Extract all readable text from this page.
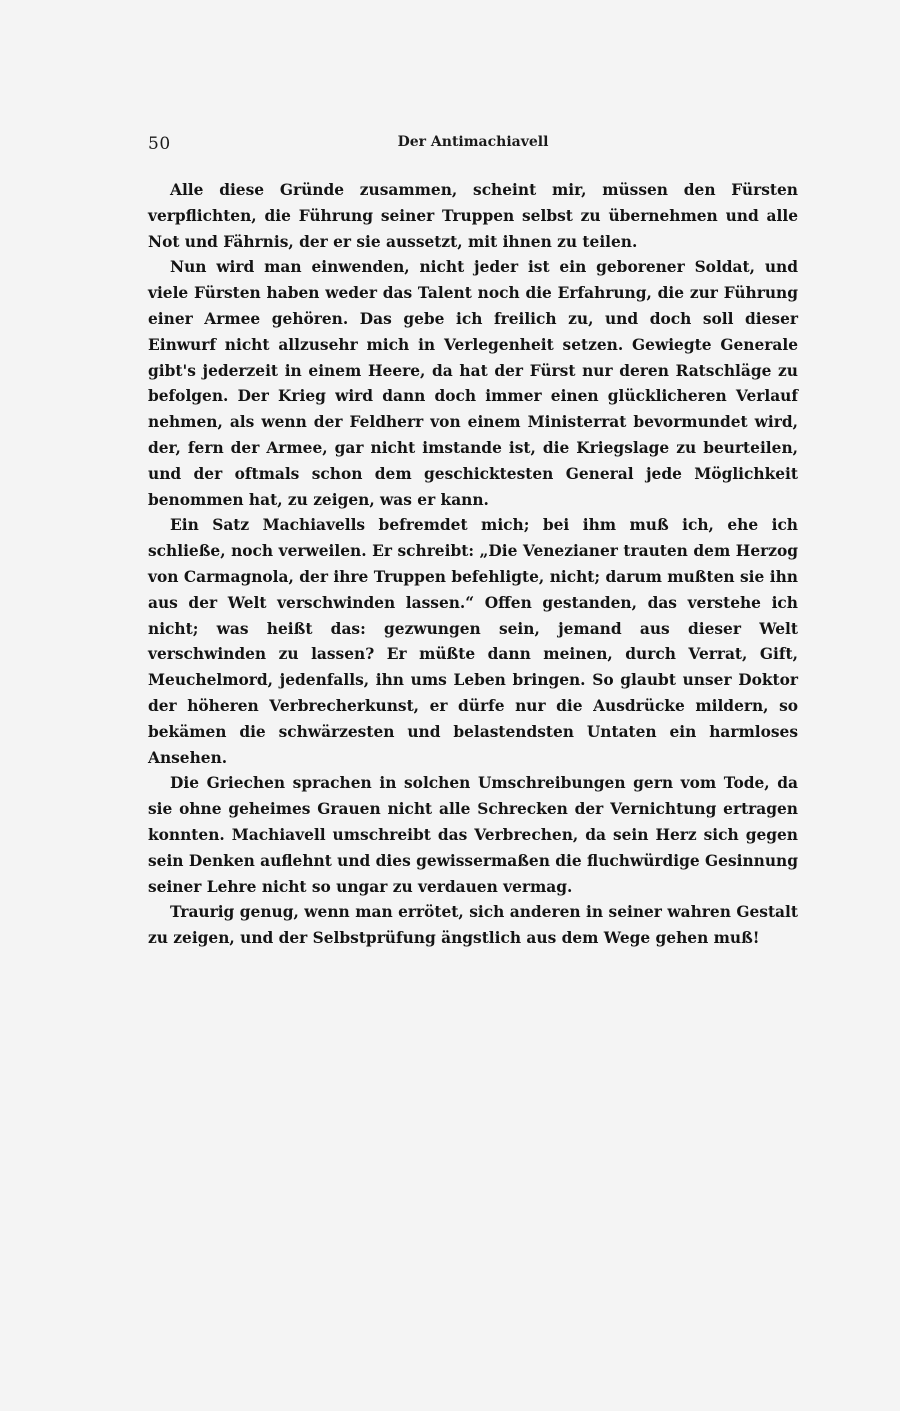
50	Der Antimachiavell

Alle diese Gründe zusammen, scheint mir, müssen den Fürsten verpflichten, die Führung seiner Truppen selbst zu übernehmen und alle Not und Fährnis, der er sie aussetzt, mit ihnen zu teilen.

Nun wird man einwenden, nicht jeder ist ein geborener Soldat, und viele Fürsten haben weder das Talent noch die Erfahrung, die zur Führung einer Armee gehören. Das gebe ich freilich zu, und doch soll dieser Einwurf nicht allzusehr mich in Verlegenheit setzen. Gewiegte Generale gibt's jederzeit in einem Heere, da hat der Fürst nur deren Ratschläge zu befolgen. Der Krieg wird dann doch immer einen glücklicheren Verlauf nehmen, als wenn der Feldherr von einem Ministerrat bevormundet wird, der, fern der Armee, gar nicht imstande ist, die Kriegslage zu beurteilen, und der oftmals schon dem geschicktesten General jede Möglichkeit benommen hat, zu zeigen, was er kann.

Ein Satz Machiavells befremdet mich; bei ihm muß ich, ehe ich schließe, noch verweilen. Er schreibt: „Die Venezianer trauten dem Herzog von Carmagnola, der ihre Truppen befehligte, nicht; darum mußten sie ihn aus der Welt verschwinden lassen.“ Offen gestanden, das verstehe ich nicht; was heißt das: gezwungen sein, jemand aus dieser Welt verschwinden zu lassen? Er müßte dann meinen, durch Verrat, Gift, Meuchelmord, jedenfalls, ihn ums Leben bringen. So glaubt unser Doktor der höheren Verbrecherkunst, er dürfe nur die Ausdrücke mildern, so bekämen die schwärzesten und belastendsten Untaten ein harmloses Ansehen.

Die Griechen sprachen in solchen Umschreibungen gern vom Tode, da sie ohne geheimes Grauen nicht alle Schrecken der Vernichtung ertragen konnten. Machiavell umschreibt das Verbrechen, da sein Herz sich gegen sein Denken auflehnt und dies gewissermaßen die fluchwürdige Gesinnung seiner Lehre nicht so ungar zu verdauen vermag.

Traurig genug, wenn man errötet, sich anderen in seiner wahren Gestalt zu zeigen, und der Selbstprüfung ängstlich aus dem Wege gehen muß!
